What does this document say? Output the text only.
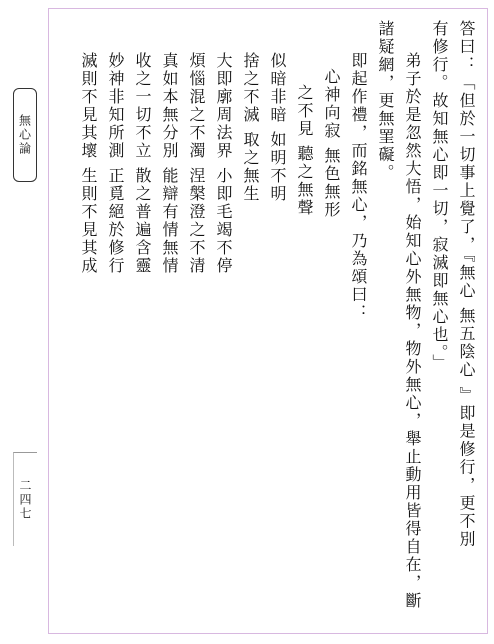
無心論
二四七	答曰：「但於一切事上覺了，『無心 無五陰心 』即是修行，更不別
有修行。故知無心即一切，寂滅即無心也。」
弟子於是忽然大悟，始知心外無物，物外無心，舉止動用皆得自在，斷
諸疑網，更無罣礙。
即起作禮，而銘無心，乃為頌曰：
心神向寂 無色無形
之不見 聽之無聲
似暗非暗 如明不明
捨之不滅 取之無生
大即廓周法界 小即毛竭不停
煩惱混之不濁 涅槃澄之不清
真如本無分別 能辯有情無情
收之一切不立 散之普遍含靈
妙神非知所測 正覓絕於修行
滅則不見其壞 生則不見其成
